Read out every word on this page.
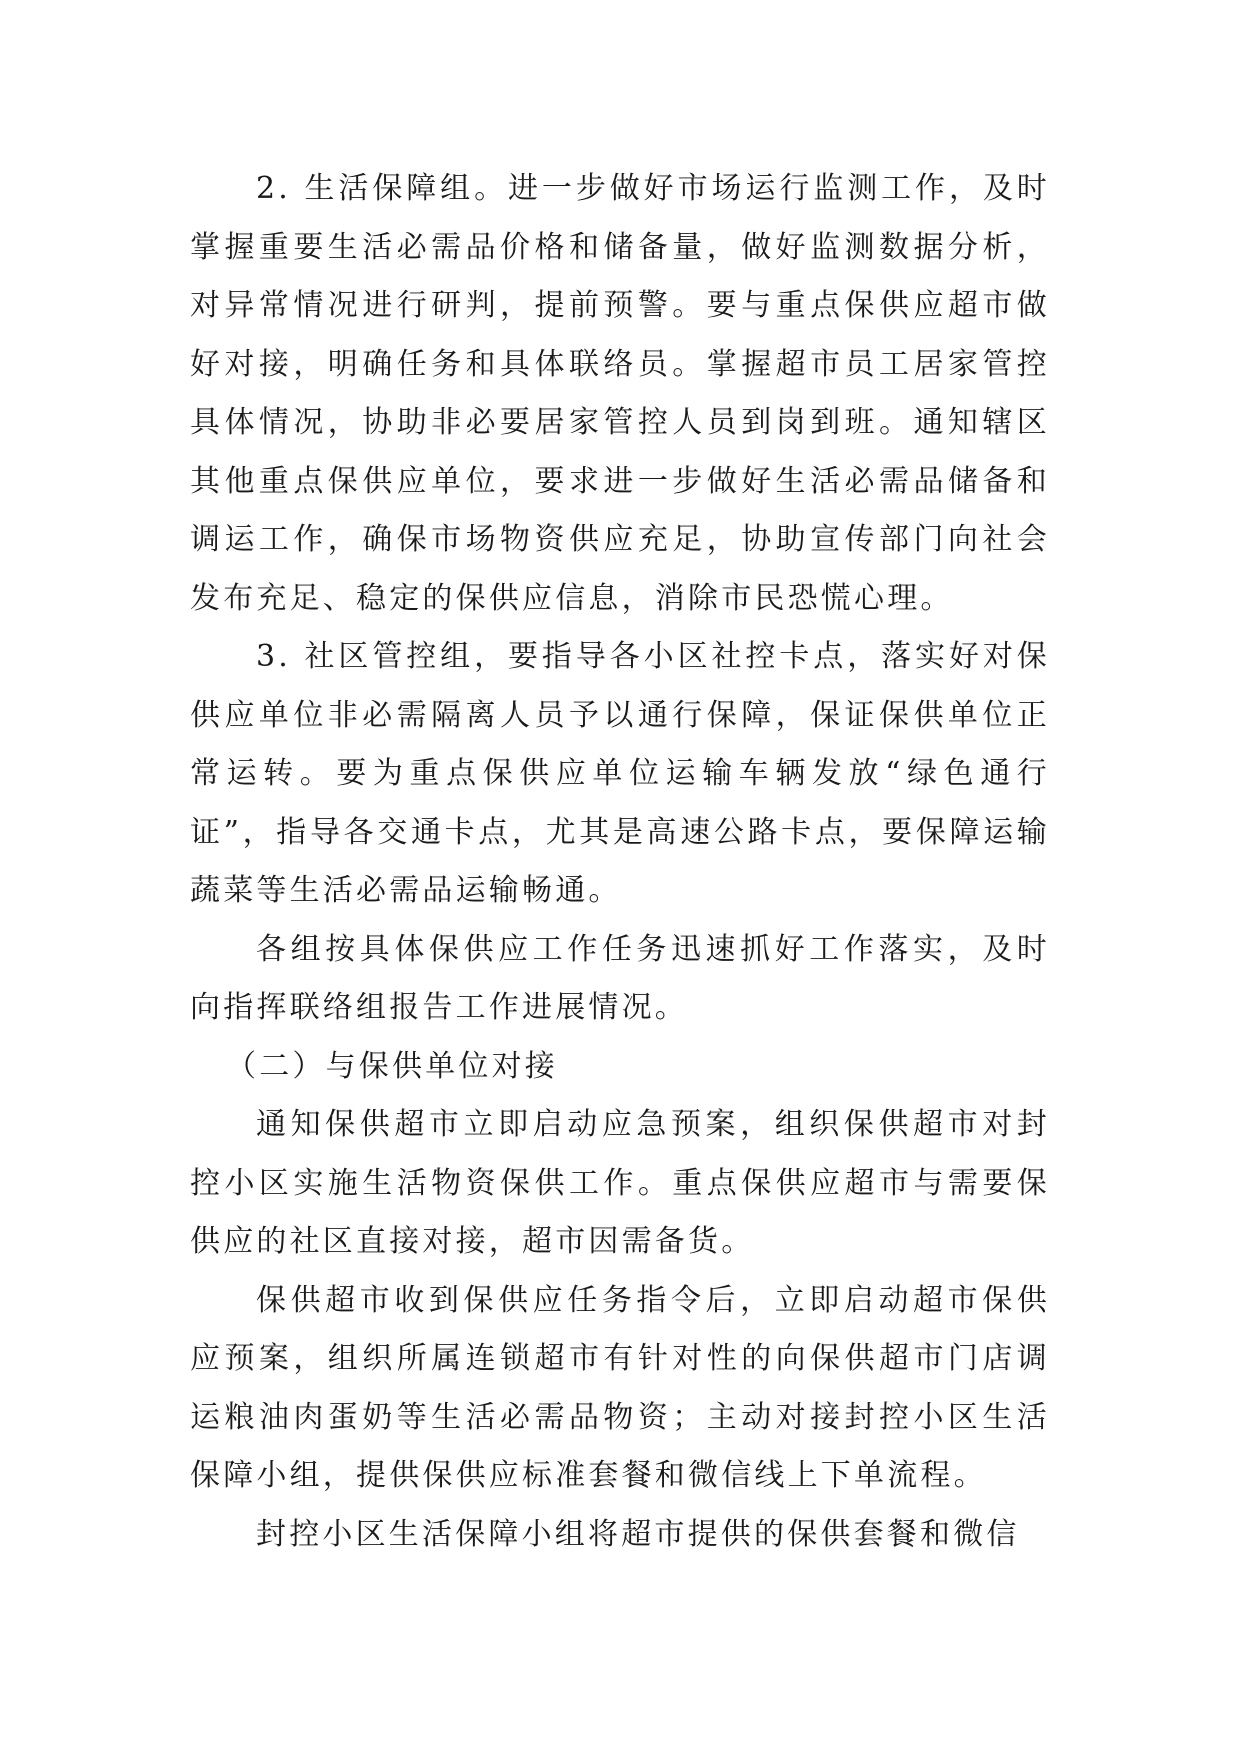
2. 生活保障组。进一步做好市场运行监测工作，及时掌握重要生活必需品价格和储备量，做好监测数据分析，对异常情况进行研判，提前预警。要与重点保供应超市做好对接，明确任务和具体联络员。掌握超市员工居家管控具体情况，协助非必要居家管控人员到岗到班。通知辖区其他重点保供应单位，要求进一步做好生活必需品储备和调运工作，确保市场物资供应充足，协助宣传部门向社会发布充足、稳定的保供应信息，消除市民恐慌心理。

3. 社区管控组，要指导各小区社控卡点，落实好对保供应单位非必需隔离人员予以通行保障，保证保供单位正常运转。要为重点保供应单位运输车辆发放“绿色通行证”，指导各交通卡点，尤其是高速公路卡点，要保障运输蔬菜等生活必需品运输畅通。

各组按具体保供应工作任务迅速抓好工作落实，及时向指挥联络组报告工作进展情况。

（二）与保供单位对接

通知保供超市立即启动应急预案，组织保供超市对封控小区实施生活物资保供工作。重点保供应超市与需要保供应的社区直接对接，超市因需备货。

保供超市收到保供应任务指令后，立即启动超市保供应预案，组织所属连锁超市有针对性的向保供超市门店调运粮油肉蛋奶等生活必需品物资；主动对接封控小区生活保障小组，提供保供应标准套餐和微信线上下单流程。

封控小区生活保障小组将超市提供的保供套餐和微信
